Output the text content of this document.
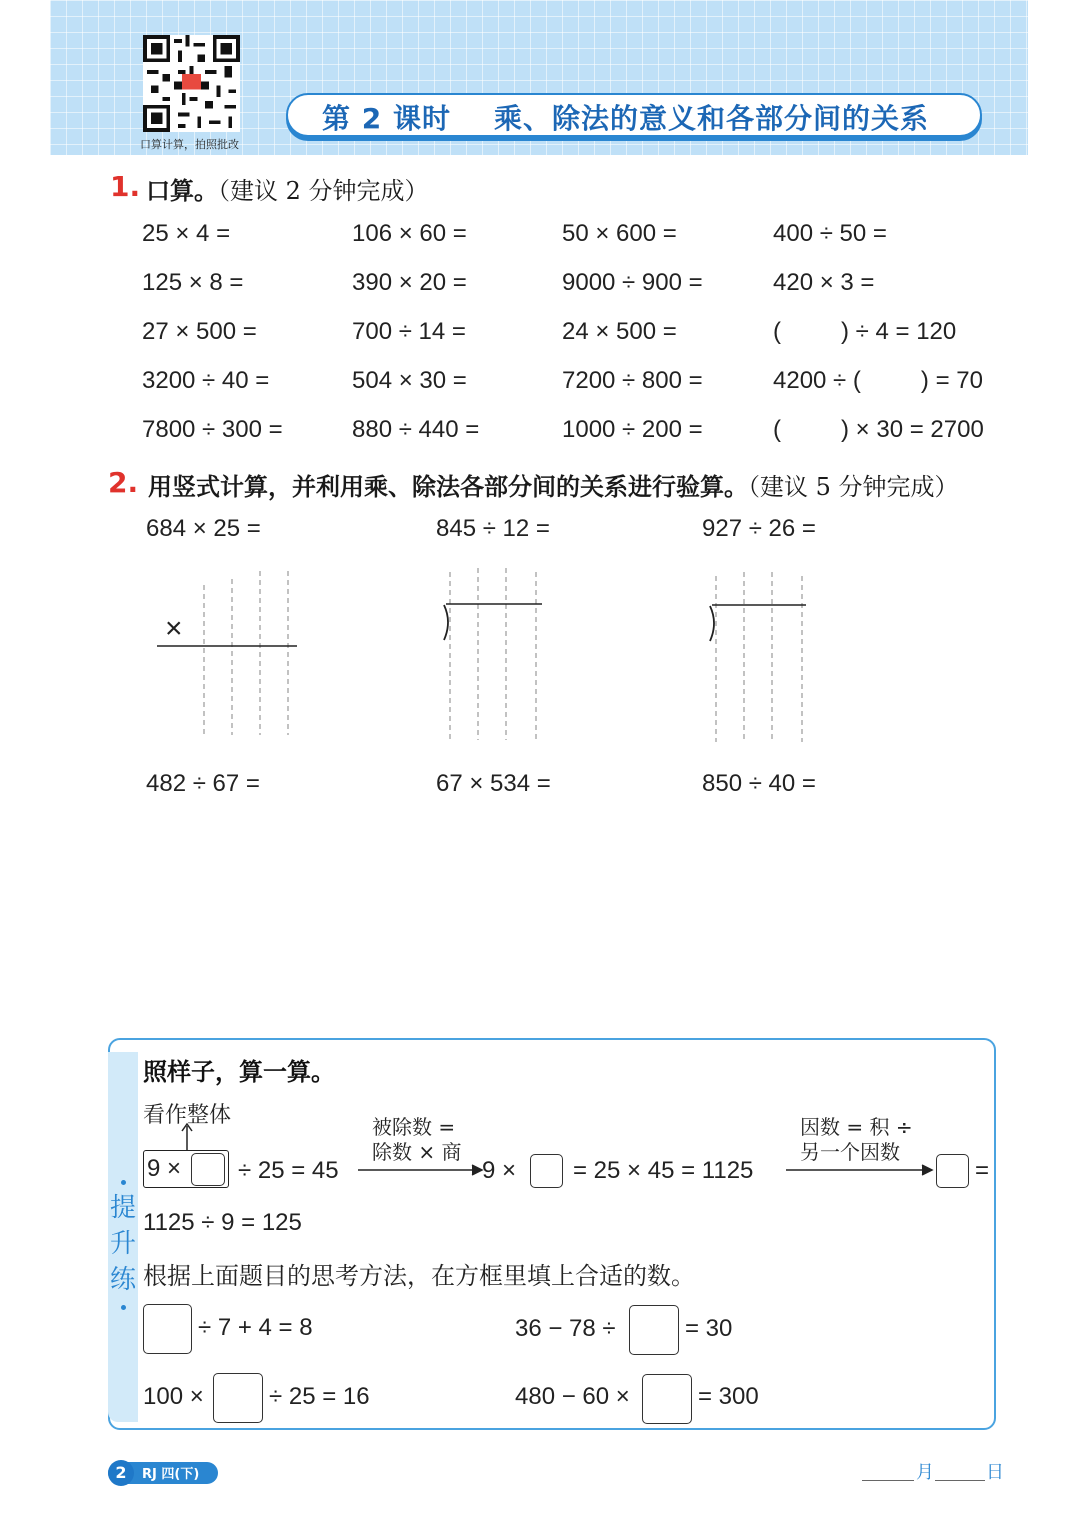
口算计算，拍照批改
第 2 课时    乘、除法的意义和各部分间的关系
1. 口算。（建议 2 分钟完成）
25 × 4 =	106 × 60 =	50 × 600 =	400 ÷ 50 =
125 × 8 =	390 × 20 =	9000 ÷ 900 =	420 × 3 =
27 × 500 =	700 ÷ 14 =	24 × 500 =	(         ) ÷ 4 = 120
3200 ÷ 40 =	504 × 30 =	7200 ÷ 800 =	4200 ÷ (         ) = 70
7800 ÷ 300 =	880 ÷ 440 =	1000 ÷ 200 =	(         ) × 30 = 2700
2. 用竖式计算，并利用乘、除法各部分间的关系进行验算。（建议 5 分钟完成）
684 × 25 =	845 ÷ 12 =	927 ÷ 26 =
×
482 ÷ 67 =	67 × 534 =	850 ÷ 40 =
提
升
练
照样子，算一算。
看作整体
9 × ÷ 25 = 45
被除数 =
除数 × 商
9 × = 25 × 45 = 1125
因数 = 积 ÷
另一个因数
=
1125 ÷ 9 = 125
根据上面题目的思考方法，在方框里填上合适的数。
÷ 7 + 4 = 8	36 − 78 ÷	= 30
100 ×	÷ 25 = 16	480 − 60 ×	= 300
2	RJ 四(下)	月	日
